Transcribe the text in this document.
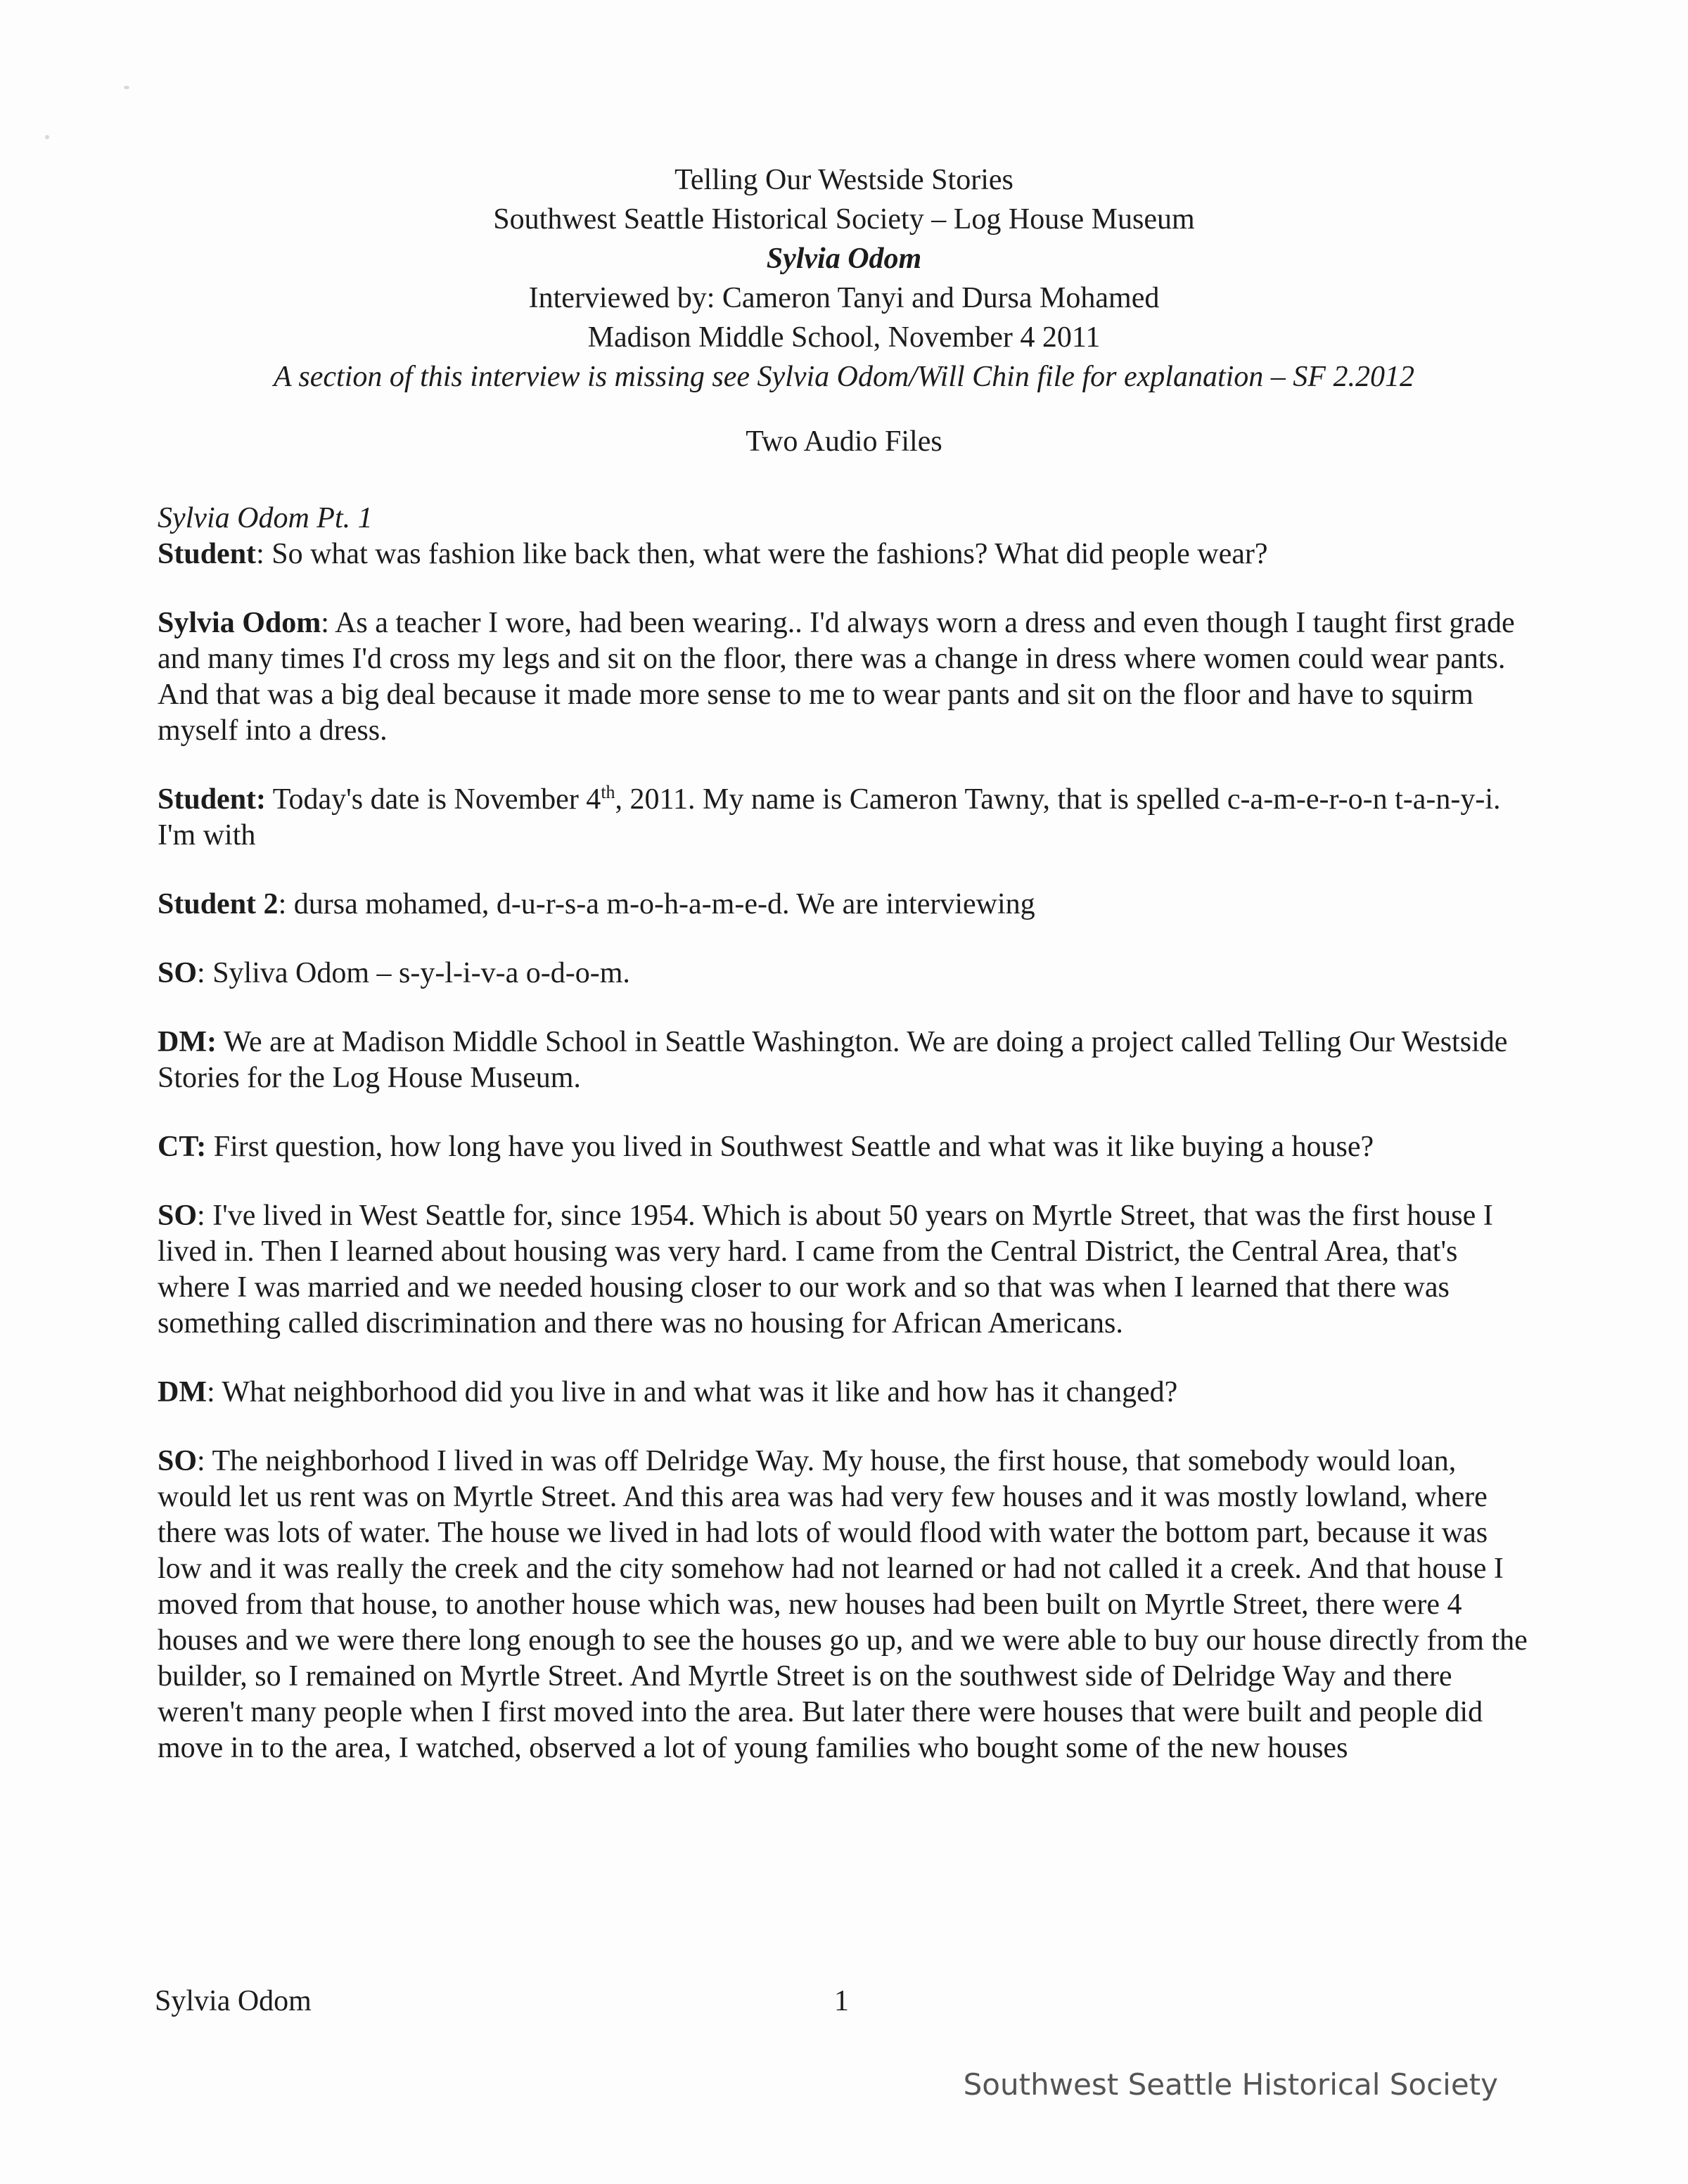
Telling Our Westside Stories
Southwest Seattle Historical Society – Log House Museum
Sylvia Odom
Interviewed by: Cameron Tanyi and Dursa Mohamed
Madison Middle School, November 4 2011
A section of this interview is missing see Sylvia Odom/Will Chin file for explanation – SF 2.2012
Two Audio Files
Sylvia Odom Pt. 1

Student: So what was fashion like back then, what were the fashions? What did people wear?

Sylvia Odom: As a teacher I wore, had been wearing.. I'd always worn a dress and even though I taught first grade and many times I'd cross my legs and sit on the floor, there was a change in dress where women could wear pants. And that was a big deal because it made more sense to me to wear pants and sit on the floor and have to squirm myself into a dress.

Student: Today's date is November 4th, 2011. My name is Cameron Tawny, that is spelled c-a-m-e-r-o-n t-a-n-y-i. I'm with

Student 2: dursa mohamed, d-u-r-s-a m-o-h-a-m-e-d. We are interviewing

SO: Syliva Odom – s-y-l-i-v-a o-d-o-m.

DM: We are at Madison Middle School in Seattle Washington. We are doing a project called Telling Our Westside Stories for the Log House Museum.

CT: First question, how long have you lived in Southwest Seattle and what was it like buying a house?

SO: I've lived in West Seattle for, since 1954. Which is about 50 years on Myrtle Street, that was the first house I lived in. Then I learned about housing was very hard. I came from the Central District, the Central Area, that's where I was married and we needed housing closer to our work and so that was when I learned that there was something called discrimination and there was no housing for African Americans.

DM: What neighborhood did you live in and what was it like and how has it changed?

SO: The neighborhood I lived in was off Delridge Way. My house, the first house, that somebody would loan, would let us rent was on Myrtle Street. And this area was had very few houses and it was mostly lowland, where there was lots of water. The house we lived in had lots of would flood with water the bottom part, because it was low and it was really the creek and the city somehow had not learned or had not called it a creek. And that house I moved from that house, to another house which was, new houses had been built on Myrtle Street, there were 4 houses and we were there long enough to see the houses go up, and we were able to buy our house directly from the builder, so I remained on Myrtle Street. And Myrtle Street is on the southwest side of Delridge Way and there weren't many people when I first moved into the area. But later there were houses that were built and people did move in to the area, I watched, observed a lot of young families who bought some of the new houses

Sylvia Odom	1
Southwest Seattle Historical Society
